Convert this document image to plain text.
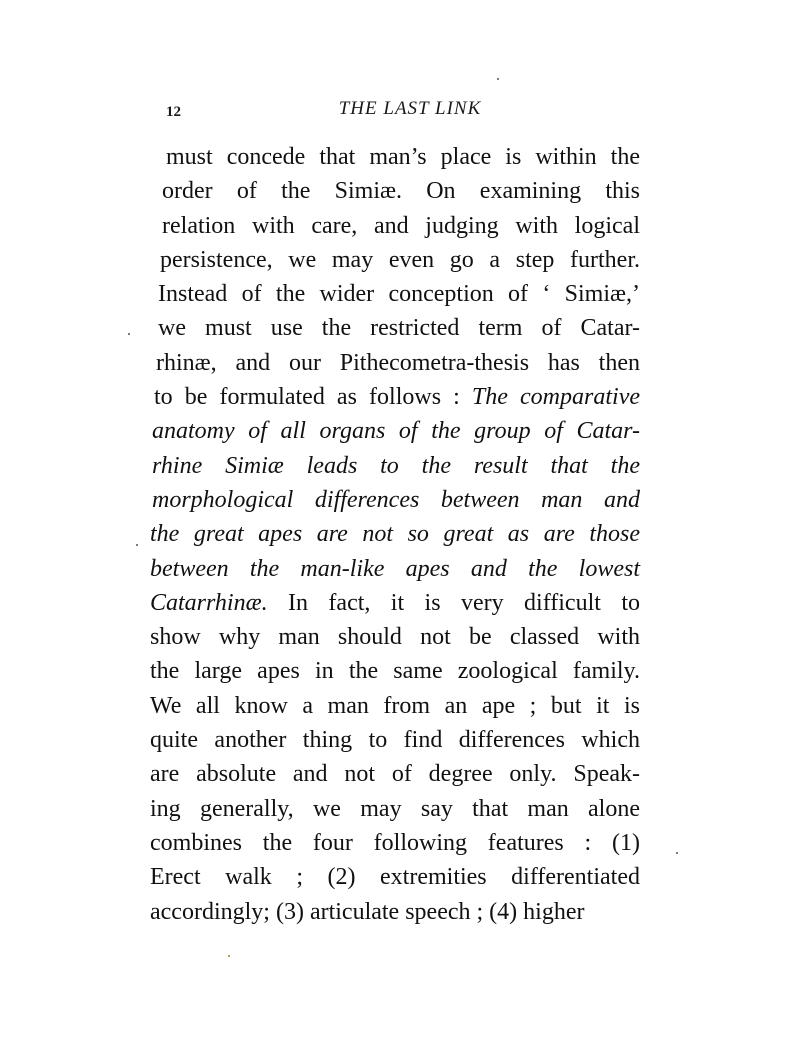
12	THE LAST LINK
must concede that man’s place is within the
order of the Simiæ. On examining this
relation with care, and judging with logical
persistence, we may even go a step further.
Instead of the wider conception of ‘ Simiæ,’
we must use the restricted term of Catar-
rhinæ, and our Pithecometra-thesis has then
to be formulated as follows : The comparative
anatomy of all organs of the group of Catar-
rhine Simiæ leads to the result that the
morphological differences between man and
the great apes are not so great as are those
between the man-like apes and the lowest
Catarrhinæ. In fact, it is very difficult to
show why man should not be classed with
the large apes in the same zoological family.
We all know a man from an ape ; but it is
quite another thing to find differences which
are absolute and not of degree only. Speak-
ing generally, we may say that man alone
combines the four following features : (1)
Erect walk ; (2) extremities differentiated
accordingly; (3) articulate speech ; (4) higher
